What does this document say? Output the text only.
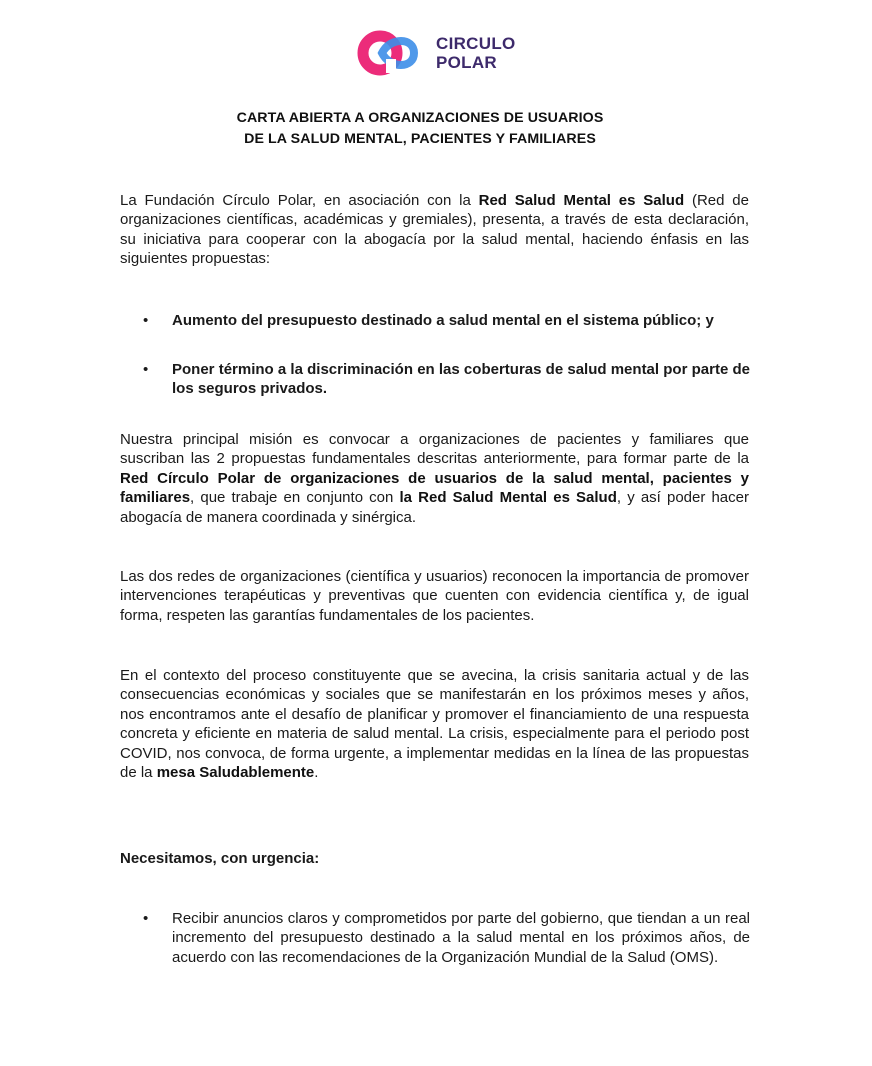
CIRCULO
POLAR
CARTA ABIERTA A ORGANIZACIONES DE USUARIOS
DE LA SALUD MENTAL, PACIENTES Y FAMILIARES
La Fundación Círculo Polar, en asociación con la Red Salud Mental es Salud (Red de organizaciones científicas, académicas y gremiales), presenta, a través de esta declaración, su iniciativa para cooperar con la abogacía por la salud mental, haciendo énfasis en las siguientes propuestas:
•	Aumento del presupuesto destinado a salud mental en el sistema público; y
•	Poner término a la discriminación en las coberturas de salud mental por parte de los seguros privados.
Nuestra principal misión es convocar a organizaciones de pacientes y familiares que suscriban las 2 propuestas fundamentales descritas anteriormente, para formar parte de la Red Círculo Polar de organizaciones de usuarios de la salud mental, pacientes y familiares, que trabaje en conjunto con la Red Salud Mental es Salud, y así poder hacer abogacía de manera coordinada y sinérgica.
Las dos redes de organizaciones (científica y usuarios) reconocen la importancia de promover intervenciones terapéuticas y preventivas que cuenten con evidencia científica y, de igual forma, respeten las garantías fundamentales de los pacientes.
En el contexto del proceso constituyente que se avecina, la crisis sanitaria actual y de las consecuencias económicas y sociales que se manifestarán en los próximos meses y años, nos encontramos ante el desafío de planificar y promover el financiamiento de una respuesta concreta y eficiente en materia de salud mental. La crisis, especialmente para el periodo post COVID, nos convoca, de forma urgente, a implementar medidas en la línea de las propuestas de la mesa Saludablemente.
Necesitamos, con urgencia:
•	Recibir anuncios claros y comprometidos por parte del gobierno, que tiendan a un real incremento del presupuesto destinado a la salud mental en los próximos años, de acuerdo con las recomendaciones de la Organización Mundial de la Salud (OMS).
